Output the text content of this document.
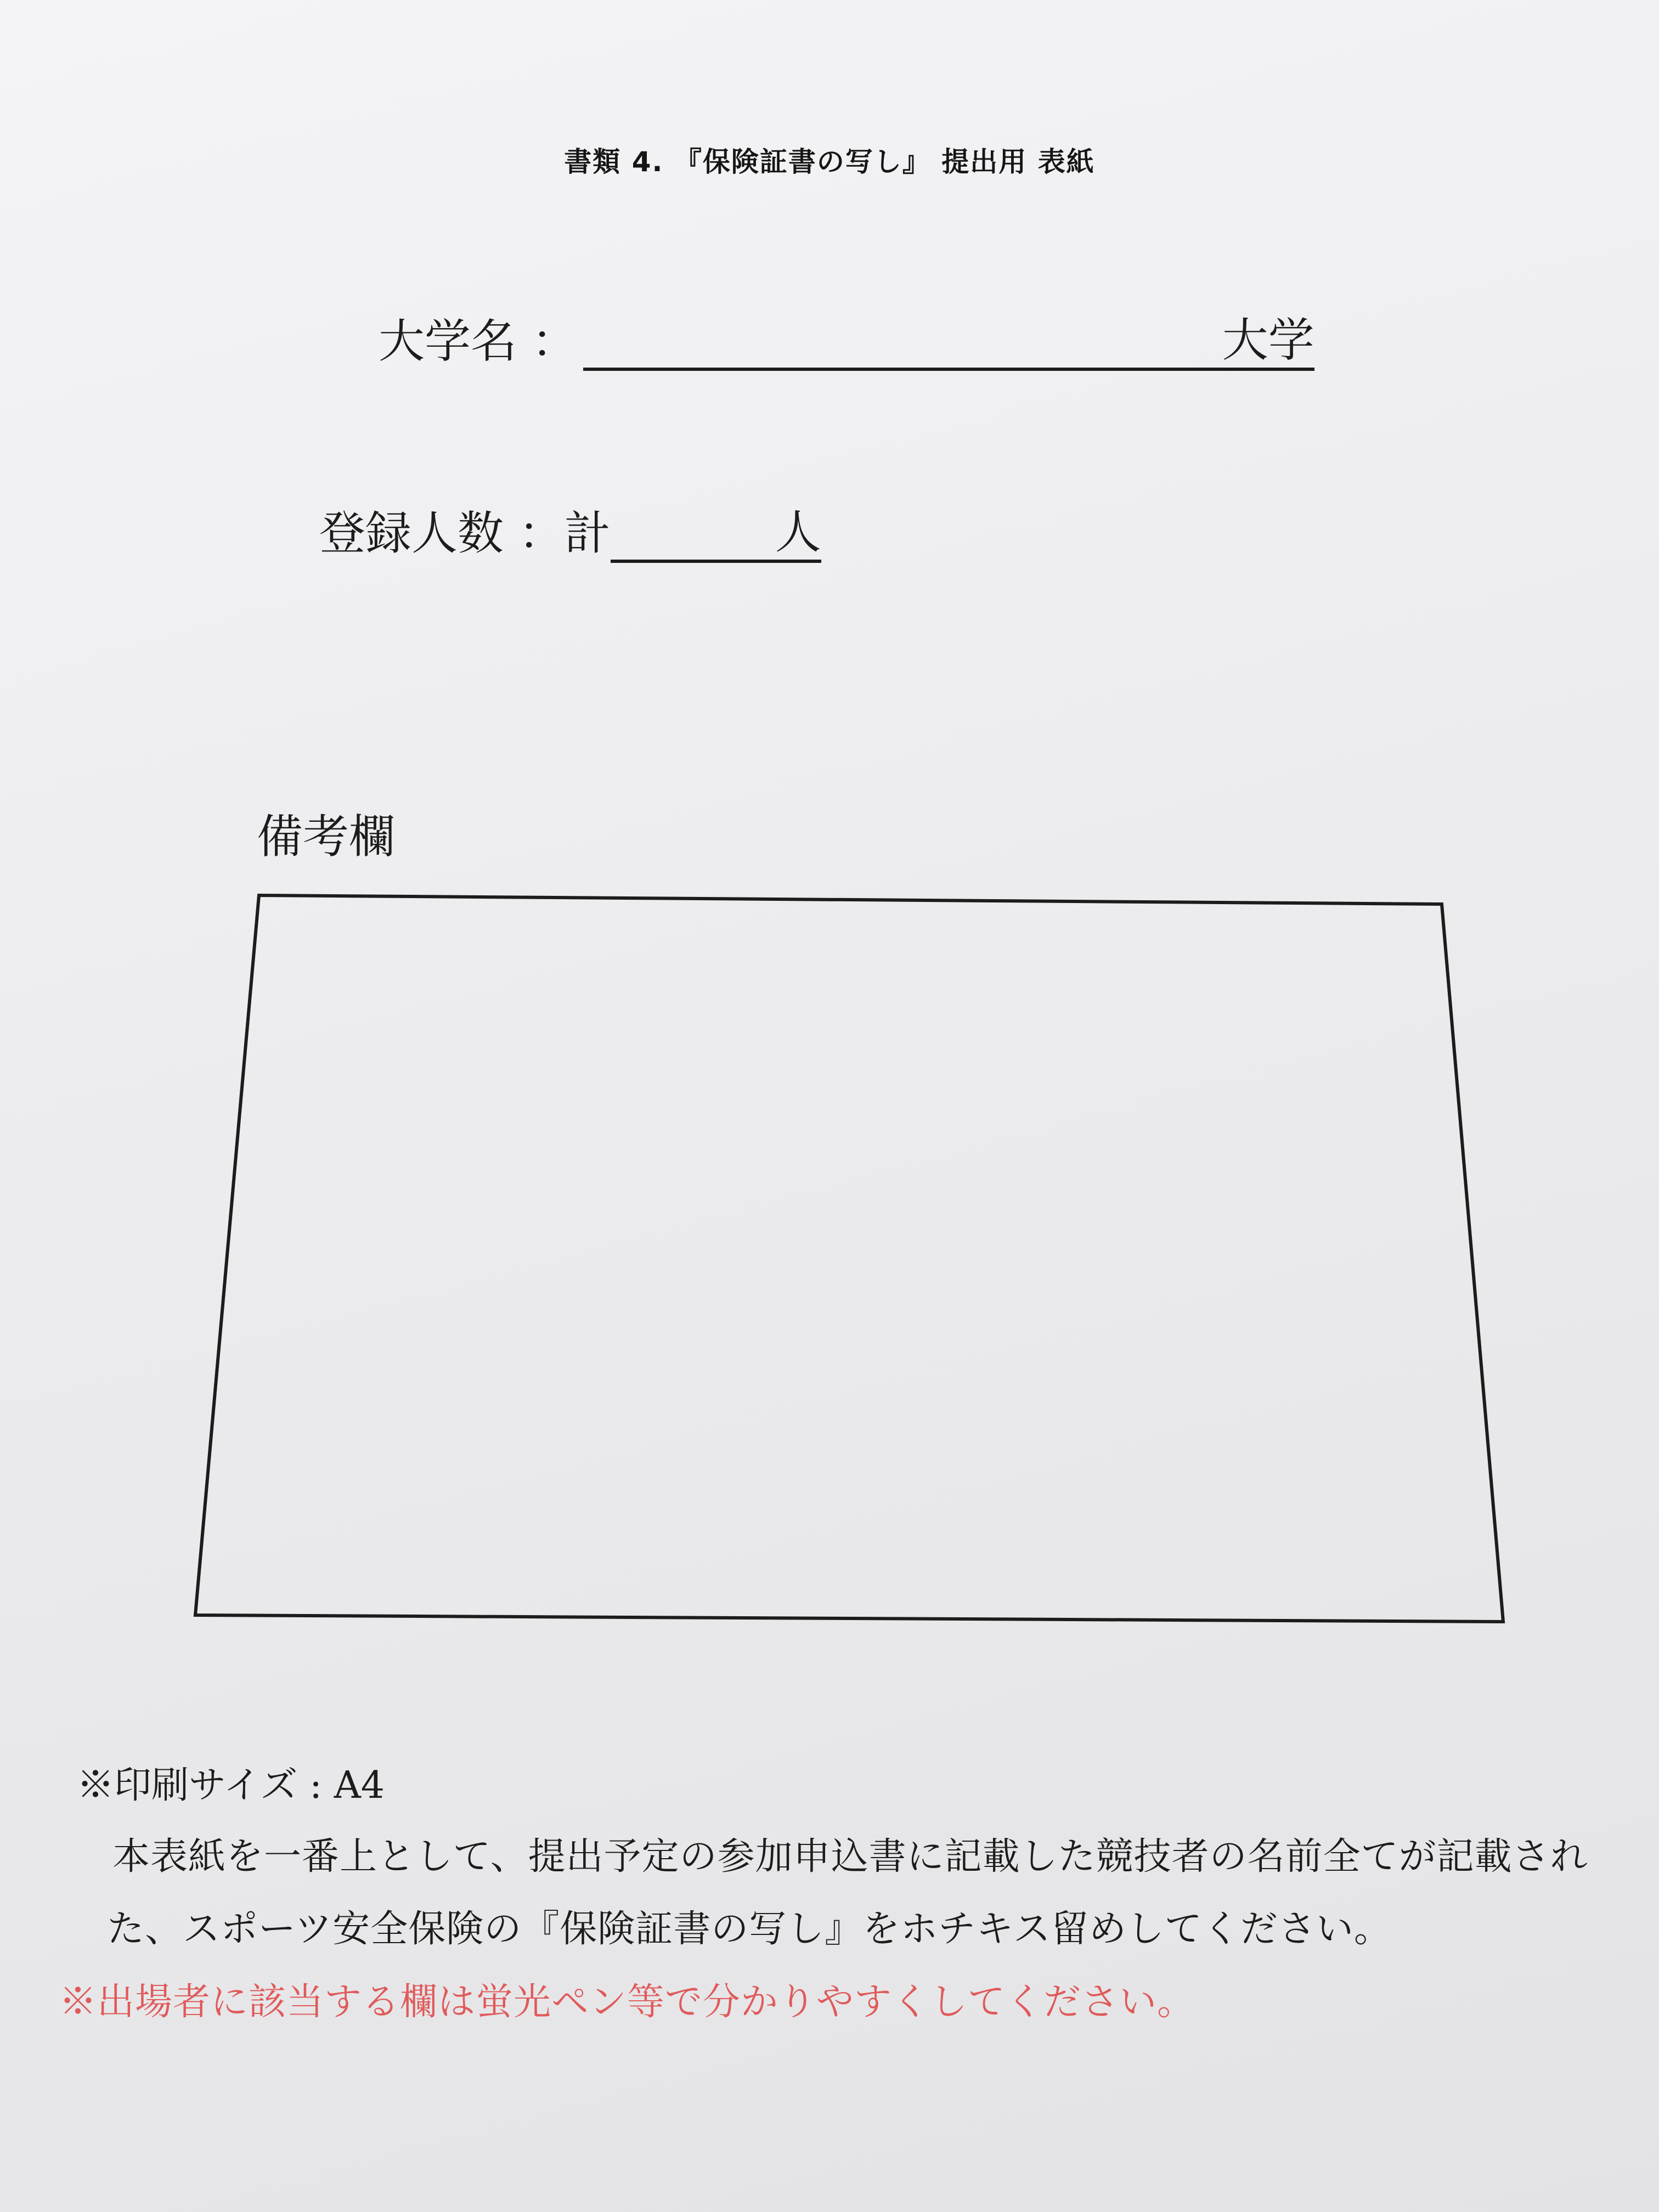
書類 4. 『保険証書の写し』 提出用 表紙
大学名 ：	大学
登録人数 ：計	人
備考欄
※印刷サイズ : A4
本表紙を一番上として、提出予定の参加申込書に記載した競技者の名前全てが記載され
た、スポーツ安全保険の『保険証書の写し』をホチキス留めしてください。
※出場者に該当する欄は蛍光ペン等で分かりやすくしてください。
